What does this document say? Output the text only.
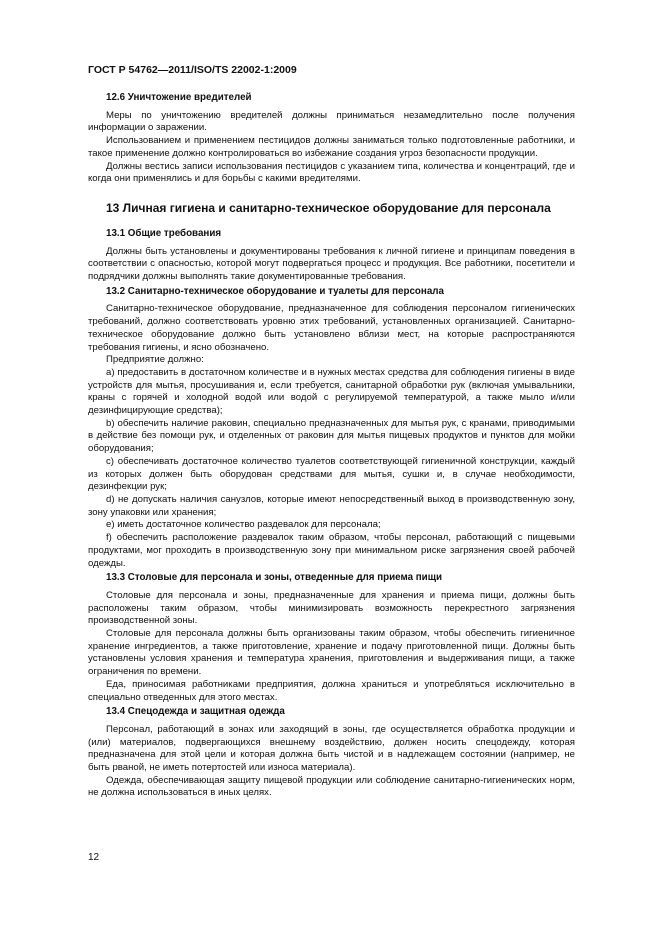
ГОСТ Р 54762—2011/ISO/TS 22002-1:2009
12.6 Уничтожение вредителей

Меры по уничтожению вредителей должны приниматься незамедлительно после получения информации о заражении.

Использованием и применением пестицидов должны заниматься только подготовленные работники, и такое применение должно контролироваться во избежание создания угроз безопасности продукции.

Должны вестись записи использования пестицидов с указанием типа, количества и концентраций, где и когда они применялись и для борьбы с какими вредителями.

13 Личная гигиена и санитарно-техническое оборудование для персонала
13.1 Общие требования

Должны быть установлены и документированы требования к личной гигиене и принципам поведения в соответствии с опасностью, которой могут подвергаться процесс и продукция. Все работники, посетители и подрядчики должны выполнять такие документированные требования.

13.2 Санитарно-техническое оборудование и туалеты для персонала

Санитарно-техническое оборудование, предназначенное для соблюдения персоналом гигиенических требований, должно соответствовать уровню этих требований, установленных организацией. Санитарно-техническое оборудование должно быть установлено вблизи мест, на которые распространяются требования гигиены, и ясно обозначено.

Предприятие должно:

a) предоставить в достаточном количестве и в нужных местах средства для соблюдения гигиены в виде устройств для мытья, просушивания и, если требуется, санитарной обработки рук (включая умывальники, краны с горячей и холодной водой или водой с регулируемой температурой, а также мыло и/или дезинфицирующие средства);

b) обеспечить наличие раковин, специально предназначенных для мытья рук, с кранами, приводимыми в действие без помощи рук, и отделенных от раковин для мытья пищевых продуктов и пунктов для мойки оборудования;

c) обеспечивать достаточное количество туалетов соответствующей гигиеничной конструкции, каждый из которых должен быть оборудован средствами для мытья, сушки и, в случае необходимости, дезинфекции рук;

d) не допускать наличия санузлов, которые имеют непосредственный выход в производственную зону, зону упаковки или хранения;

e) иметь достаточное количество раздевалок для персонала;

f) обеспечить расположение раздевалок таким образом, чтобы персонал, работающий с пищевыми продуктами, мог проходить в производственную зону при минимальном риске загрязнения своей рабочей одежды.

13.3 Столовые для персонала и зоны, отведенные для приема пищи

Столовые для персонала и зоны, предназначенные для хранения и приема пищи, должны быть расположены таким образом, чтобы минимизировать возможность перекрестного загрязнения производственной зоны.

Столовые для персонала должны быть организованы таким образом, чтобы обеспечить гигиеничное хранение ингредиентов, а также приготовление, хранение и подачу приготовленной пищи. Должны быть установлены условия хранения и температура хранения, приготовления и выдерживания пищи, а также ограничения по времени.

Еда, приносимая работниками предприятия, должна храниться и употребляться исключительно в специально отведенных для этого местах.

13.4 Спецодежда и защитная одежда

Персонал, работающий в зонах или заходящий в зоны, где осуществляется обработка продукции и (или) материалов, подвергающихся внешнему воздействию, должен носить спецодежду, которая предназначена для этой цели и которая должна быть чистой и в надлежащем состоянии (например, не быть рваной, не иметь потертостей или износа материала).

Одежда, обеспечивающая защиту пищевой продукции или соблюдение санитарно-гигиенических норм, не должна использоваться в иных целях.

12
